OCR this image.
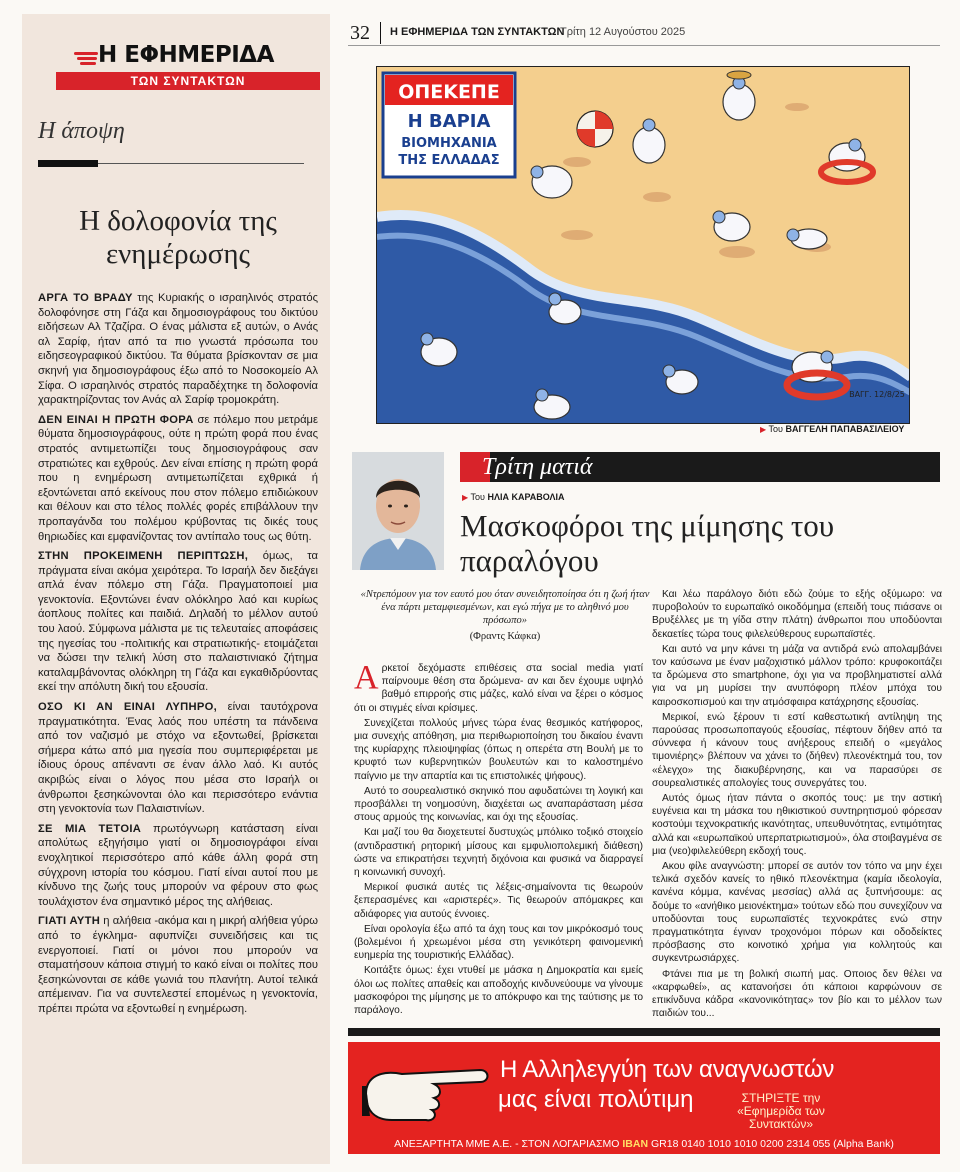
Η ΕΦΗΜΕΡΙΔΑ
ΤΩΝ ΣΥΝΤΑΚΤΩΝ
Η άποψη
Η δολοφονία της ενημέρωσης

ΑΡΓΑ ΤΟ ΒΡΑΔΥ της Κυριακής ο ισραηλινός στρατός δολοφόνησε στη Γάζα και δημοσιογράφους του δικτύου ειδήσεων Αλ Τζαζίρα. Ο ένας μάλιστα εξ αυτών, ο Ανάς αλ Σαρίφ, ήταν από τα πιο γνωστά πρόσωπα του ειδησεογραφικού δικτύου. Τα θύματα βρίσκονταν σε μια σκηνή για δημοσιογράφους έξω από το Νοσοκομείο Αλ Σίφα. Ο ισραηλινός στρατός παραδέχτηκε τη δολοφονία χαρακτηρίζοντας τον Ανάς αλ Σαρίφ τρομοκράτη.

ΔΕΝ ΕΙΝΑΙ Η ΠΡΩΤΗ ΦΟΡΑ σε πόλεμο που μετράμε θύματα δημοσιογράφους, ούτε η πρώτη φορά που ένας στρατός αντιμετωπίζει τους δημοσιογράφους σαν στρατιώτες και εχθρούς. Δεν είναι επίσης η πρώτη φορά που η ενημέρωση αντιμετωπίζεται εχθρικά ή εξοντώνεται από εκείνους που στον πόλεμο επιδιώκουν και θέλουν και στο τέλος πολλές φορές επιβάλλουν την προπαγάνδα του πολέμου κρύβοντας τις δικές τους θηριωδίες και εμφανίζοντας τον αντίπαλο τους ως θύτη.

ΣΤΗΝ ΠΡΟΚΕΙΜΕΝΗ ΠΕΡΙΠΤΩΣΗ, όμως, τα πράγματα είναι ακόμα χειρότερα. Το Ισραήλ δεν διεξάγει απλά έναν πόλεμο στη Γάζα. Πραγματοποιεί μια γενοκτονία. Εξοντώνει έναν ολόκληρο λαό και κυρίως άοπλους πολίτες και παιδιά. Δηλαδή το μέλλον αυτού του λαού. Σύμφωνα μάλιστα με τις τελευταίες αποφάσεις της ηγεσίας του -πολιτικής και στρατιωτικής- ετοιμάζεται να δώσει την τελική λύση στο παλαιστινιακό ζήτημα καταλαμβάνοντας ολόκληρη τη Γάζα και εγκαθιδρύοντας εκεί την απόλυτη δική του εξουσία.

ΟΣΟ ΚΙ ΑΝ ΕΙΝΑΙ ΛΥΠΗΡΟ, είναι ταυτόχρονα πραγματικότητα. Ένας λαός που υπέστη τα πάνδεινα από τον ναζισμό με στόχο να εξοντωθεί, βρίσκεται σήμερα κάτω από μια ηγεσία που συμπεριφέρεται με ίδιους όρους απέναντι σε έναν άλλο λαό. Κι αυτός ακριβώς είναι ο λόγος που μέσα στο Ισραήλ οι άνθρωποι ξεσηκώνονται όλο και περισσότερο ενάντια στη γενοκτονία των Παλαιστινίων.

ΣΕ ΜΙΑ ΤΕΤΟΙΑ πρωτόγνωρη κατάσταση είναι απολύτως εξηγήσιμο γιατί οι δημοσιογράφοι είναι ενοχλητικοί περισσότερο από κάθε άλλη φορά στη σύγχρονη ιστορία του κόσμου. Γιατί είναι αυτοί που με κίνδυνο της ζωής τους μπορούν να φέρουν στο φως τουλάχιστον ένα σημαντικό μέρος της αλήθειας.

ΓΙΑΤΙ ΑΥΤΗ η αλήθεια -ακόμα και η μικρή αλήθεια γύρω από το έγκλημα- αφυπνίζει συνειδήσεις και τις ενεργοποιεί. Γιατί οι μόνοι που μπορούν να σταματήσουν κάποια στιγμή το κακό είναι οι πολίτες που ξεσηκώνονται σε κάθε γωνιά του πλανήτη. Αυτοί τελικά απέμειναν. Για να συντελεστεί επομένως η γενοκτονία, πρέπει πρώτα να εξοντωθεί η ενημέρωση.

32 Η ΕΦΗΜΕΡΙΔΑ ΤΩΝ ΣΥΝΤΑΚΤΩΝ
Τρίτη 12 Αυγούστου 2025
ΟΠΕΚΕΠΕ
Η ΒΑΡΙΑ
ΒΙΟΜΗΧΑΝΙΑ
ΤΗΣ ΕΛΛΑΔΑΣ
ΒΑΓΓ. 12/8/25
▶ Του ΒΑΓΓΕΛΗ ΠΑΠΑΒΑΣΙΛΕΙΟΥ
Τρίτη ματιά
▶ Του ΗΛΙΑ ΚΑΡΑΒΟΛΙΑ
Μασκοφόροι της μίμησης του παραλόγου
«Ντρεπόμουν για τον εαυτό μου όταν συνειδητοποίησα ότι η ζωή ήταν ένα πάρτι μεταμφιεσμένων, και εγώ πήγα με το αληθινό μου πρόσωπο»
(Φραντς Κάφκα)

Αρκετοί δεχόμαστε επιθέσεις στα social media γιατί παίρνουμε θέση στα δρώμενα- αν και δεν έχουμε υψηλό βαθμό επιρροής στις μάζες, καλό είναι να ξέρει ο κόσμος ότι οι στιγμές είναι κρίσιμες.

Συνεχίζεται πολλούς μήνες τώρα ένας θεσμικός κατήφορος, μια συνεχής απόθηση, μια περιθωριοποίηση του δικαίου έναντι της κυρίαρχης πλειοψηφίας (όπως η οπερέτα στη Βουλή με το κρυφτό των κυβερνητικών βουλευτών και το καλοστημένο παίγνιο με την απαρτία και τις επιστολικές ψήφους).

Αυτό το σουρεαλιστικό σκηνικό που αφυδατώνει τη λογική και προσβάλλει τη νοημοσύνη, διαχέεται ως αναπαράσταση μέσα στους αρμούς της κοινωνίας, και όχι της εξουσίας.

Και μαζί του θα διοχετευτεί δυστυχώς μπόλικο τοξικό στοιχείο (αντιδραστική ρητορική μίσους και εμφυλιοπολεμική διάθεση) ώστε να επικρατήσει τεχνητή διχόνοια και φυσικά να διαρραγεί η κοινωνική συνοχή.

Μερικοί φυσικά αυτές τις λέξεις-σημαίνοντα τις θεωρούν ξεπερασμένες και «αριστερές». Τις θεωρούν απόμακρες και αδιάφορες για αυτούς έννοιες.

Είναι ορολογία έξω από τα άχη τους και τον μικρόκοσμό τους (βολεμένοι ή χρεωμένοι μέσα στη γενικότερη φαινομενική ευημερία της τουριστικής Ελλάδας).

Κοιτάξτε όμως: έχει ντυθεί με μάσκα η Δημοκρατία και εμείς όλοι ως πολίτες απαθείς και αποδοχής κινδυνεύουμε να γίνουμε μασκοφόροι της μίμησης με το απόκρυφο και της ταύτισης με το παράλογο.

Και λέω παράλογο διότι εδώ ζούμε το εξής οξύμωρο: να πυροβολούν το ευρωπαϊκό οικοδόμημα (επειδή τους πιάσανε οι Βρυξέλλες με τη γίδα στην πλάτη) άνθρωποι που υποδύονται δεκαετίες τώρα τους φιλελεύθερους ευρωπαϊστές.

Και αυτό να μην κάνει τη μάζα να αντιδρά ενώ απολαμβάνει τον καύσωνα με έναν μαζοχιστικό μάλλον τρόπο: κρυφοκοιτάζει τα δρώμενα στο smartphone, όχι για να προβληματιστεί αλλά για να μη μυρίσει την ανυπόφορη πλέον μπόχα του καιροσκοπισμού και την ατμόσφαιρα κατάχρησης εξουσίας.

Μερικοί, ενώ ξέρουν τι εστί καθεστωτική αντίληψη της παρούσας προσωποπαγούς εξουσίας, πέφτουν δήθεν από τα σύννεφα ή κάνουν τους ανήξερους επειδή ο «μεγάλος τιμονιέρης» βλέπουν να χάνει το (δήθεν) πλεονέκτημά του, τον «έλεγχο» της διακυβέρνησης, και να παρασύρει σε σουρεαλιστικές απολογίες τους συνεργάτες του.

Αυτός όμως ήταν πάντα ο σκοπός τους: με την αστική ευγένεια και τη μάσκα του ηθικιστικού συντηρητισμού φόρεσαν κοστούμι τεχνοκρατικής ικανότητας, υπευθυνότητας, εντιμότητας αλλά και «ευρωπαϊκού υπερπατριωτισμού», όλα στοιβαγμένα σε μια (νεο)φιλελεύθερη εκδοχή τους.

Ακου φίλε αναγνώστη: μπορεί σε αυτόν τον τόπο να μην έχει τελικά σχεδόν κανείς το ηθικό πλεονέκτημα (καμία ιδεολογία, κανένα κόμμα, κανένας μεσσίας) αλλά ας ξυπνήσουμε: ας δούμε το «ανήθικο μειονέκτημα» τούτων εδώ που συνεχίζουν να υποδύονται τους ευρωπαϊστές τεχνοκράτες ενώ στην πραγματικότητα έγιναν τροχονόμοι πόρων και οδοδείκτες πρόσβασης στο κοινοτικό χρήμα για κολλητούς και συγκεντρωσιάρχες.

Φτάνει πια με τη βολική σιωπή μας. Οποιος δεν θέλει να «καρφωθεί», ας κατανοήσει ότι κάποιοι καρφώνουν σε επικίνδυνα κάδρα «κανονικότητας» τον βίο και το μέλλον των παιδιών του...

Η Αλληλεγγύη των αναγνωστών
μας είναι πολύτιμη	ΣΤΗΡΙΞΤΕ την «Εφημερίδα των Συντακτών»
ΑΝΕΞΑΡΤΗΤΑ ΜΜΕ Α.Ε. - ΣΤΟΝ ΛΟΓΑΡΙΑΣΜΟ IBAN GR18 0140 1010 1010 0200 2314 055 (Alpha Bank)
